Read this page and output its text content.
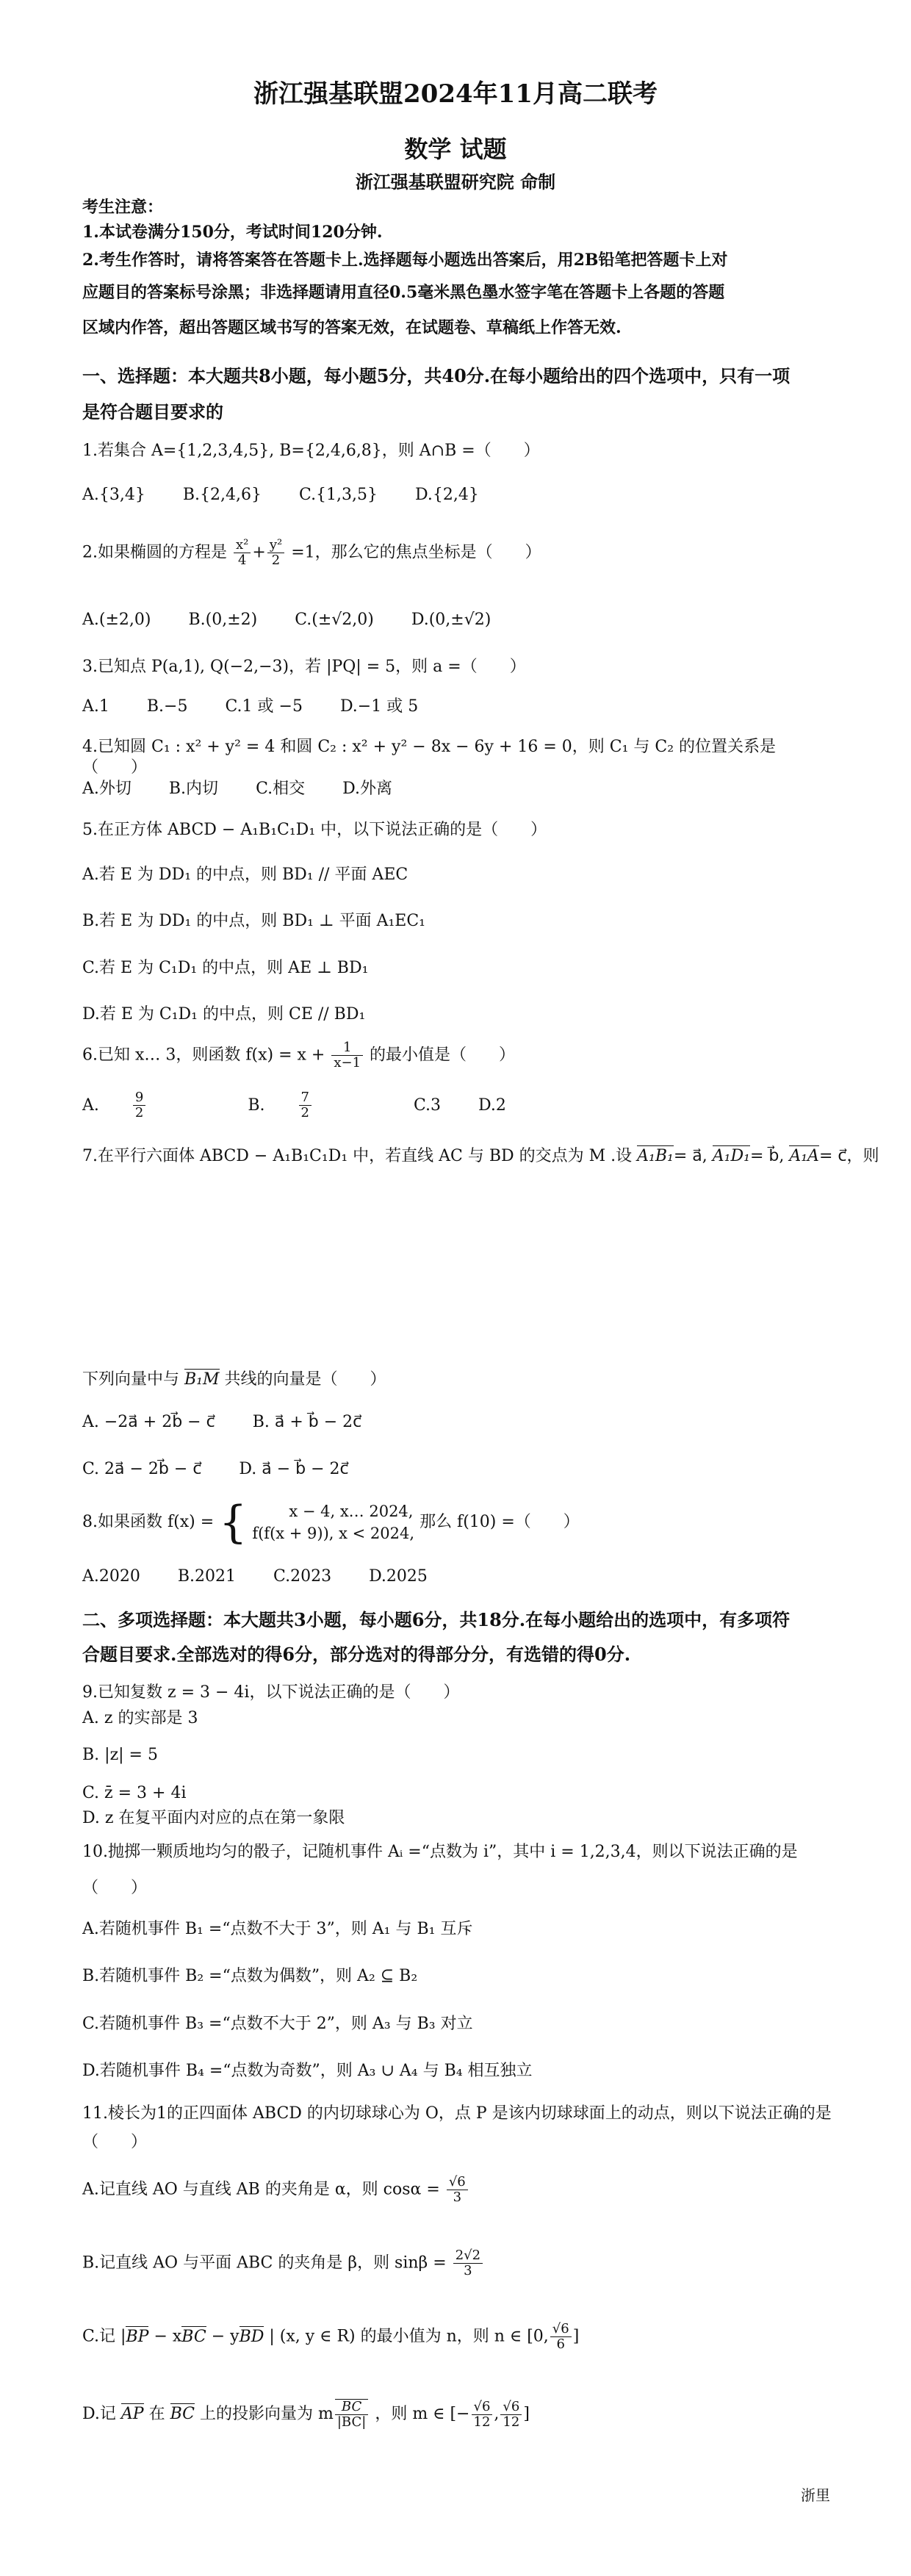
浙江强基联盟2024年11月高二联考
数学 试题
浙江强基联盟研究院 命制
考生注意：
1.本试卷满分150分，考试时间120分钟.
2.考生作答时，请将答案答在答题卡上.选择题每小题选出答案后，用2B铅笔把答题卡上对
应题目的答案标号涂黑；非选择题请用直径0.5毫米黑色墨水签字笔在答题卡上各题的答题
区域内作答，超出答题区域书写的答案无效，在试题卷、草稿纸上作答无效.
一、选择题：本大题共8小题，每小题5分，共40分.在每小题给出的四个选项中，只有一项
是符合题目要求的
1.若集合 A={1,2,3,4,5}, B={2,4,6,8}，则 A∩B =（　　）
A.{3,4} B.{2,4,6} C.{1,3,5} D.{2,4}
2.如果椭圆的方程是 $\frac{\text{x²}}{4} + \frac{\text{y²}}{2} =1$，那么它的焦点坐标是（　　）
A.(±2,0) B.(0,±2) C.(±√2,0) D.(0,±√2)
3.已知点 P(a,1), Q(−2,−3)，若 |PQ| = 5，则 a =（　　）
A.1 B.−5 C.1 或 −5 D.−1 或 5
4.已知圆 C₁ : x² + y² = 4 和圆 C₂ : x² + y² − 8x − 6y + 16 = 0，则 C₁ 与 C₂ 的位置关系是（　　）
A.外切 B.内切 C.相交 D.外离
5.在正方体 ABCD − A₁B₁C₁D₁ 中，以下说法正确的是（　　）
A.若 E 为 DD₁ 的中点，则 BD₁ // 平面 AEC
B.若 E 为 DD₁ 的中点，则 BD₁ ⊥ 平面 A₁EC₁
C.若 E 为 C₁D₁ 的中点，则 AE ⊥ BD₁
D.若 E 为 C₁D₁ 的中点，则 CE // BD₁
6.已知 x… 3，则函数 $f(x) = x + \frac{1}{x-1}$ 的最小值是（　　）
A.	$\frac{9}{2}$	B.	$\frac{7}{2}$	C.3 D.2
7.在平行六面体 ABCD − A₁B₁C₁D₁ 中，若直线 AC 与 BD 的交点为 M .设 A₁B₁= a⃗, A₁D₁= b⃗, A₁A= c⃗，则
下列向量中与 B₁M 共线的向量是（　　）
A. −2a⃗ + 2b⃗ − c⃗ B. a⃗ + b⃗ − 2c⃗
C. 2a⃗ − 2b⃗ − c⃗ D. a⃗ − b⃗ − 2c⃗
8.如果函数 f(x) = {	x − 4, x… 2024,
f(f(x + 9)), x < 2024,
那么 f(10) =（　　）
A.2020 B.2021 C.2023 D.2025
二、多项选择题：本大题共3小题，每小题6分，共18分.在每小题给出的选项中，有多项符
合题目要求.全部选对的得6分，部分选对的得部分分，有选错的得0分.
9.已知复数 z = 3 − 4i，以下说法正确的是（　　）
A. z 的实部是 3
B. |z| = 5
C. z̄ = 3 + 4i
D. z 在复平面内对应的点在第一象限
10.抛掷一颗质地均匀的骰子，记随机事件 Aᵢ =“点数为 i”，其中 i = 1,2,3,4，则以下说法正确的是
（　　）
A.若随机事件 B₁ =“点数不大于 3”，则 A₁ 与 B₁ 互斥
B.若随机事件 B₂ =“点数为偶数”，则 A₂ ⊆ B₂
C.若随机事件 B₃ =“点数不大于 2”，则 A₃ 与 B₃ 对立
D.若随机事件 B₄ =“点数为奇数”，则 A₃ ∪ A₄ 与 B₄ 相互独立
11.棱长为1的正四面体 ABCD 的内切球球心为 O，点 P 是该内切球球面上的动点，则以下说法正确的是
（　　）
A.记直线 AO 与直线 AB 的夹角是 α，则 $\cos\alpha = \frac{√6}{3}$
B.记直线 AO 与平面 ABC 的夹角是 β，则 $\sin\beta = \frac{2√2}{3}$
C.记 |BP − xBC − yBD | (x, y ∈ R) 的最小值为 n，则 n ∈ [0, $\frac{√6}{6}$ ]
D.记 AP 在 BC 上的投影向量为 m $\frac{BC}{|BC|}$ ，则 m ∈ [− $\frac{√6}{12}$ , $\frac{√6}{12}$ ]
浙里
